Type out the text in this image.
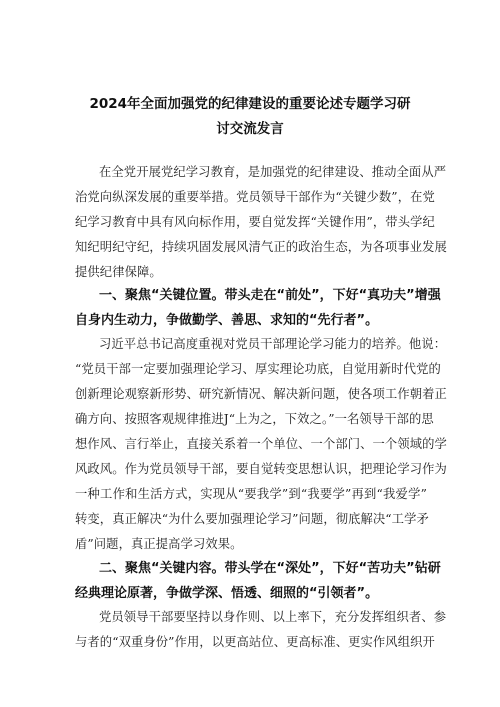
2024年全面加强党的纪律建设的重要论述专题学习研
讨交流发言
在全党开展党纪学习教育，是加强党的纪律建设、推动全面从严
治党向纵深发展的重要举措。党员领导干部作为“关键少数”，在党
纪学习教育中具有风向标作用，要自觉发挥“关键作用”，带头学纪
知纪明纪守纪，持续巩固发展风清气正的政治生态，为各项事业发展
提供纪律保障。
一、聚焦“关键位置。带头走在“前处”，下好“真功夫”增强
自身内生动力，争做勤学、善思、求知的“先行者”。
习近平总书记高度重视对党员干部理论学习能力的培养。他说：
“党员干部一定要加强理论学习、厚实理论功底，自觉用新时代党的
创新理论观察新形势、研究新情况、解决新问题，使各项工作朝着正
确方向、按照客观规律推进J“上为之，下效之。”一名领导干部的思
想作风、言行举止，直接关系着一个单位、一个部门、一个领域的学
风政风。作为党员领导干部，要自觉转变思想认识，把理论学习作为
一种工作和生活方式，实现从“要我学”到“我要学”再到“我爱学”
转变，真正解决“为什么要加强理论学习”问题，彻底解决“工学矛
盾”问题，真正提高学习效果。
二、聚焦“关键内容。带头学在“深处”，下好“苦功夫”钻研
经典理论原著，争做学深、悟透、细照的“引领者”。
党员领导干部要坚持以身作则、以上率下，充分发挥组织者、参
与者的“双重身份”作用，以更高站位、更高标准、更实作风组织开
